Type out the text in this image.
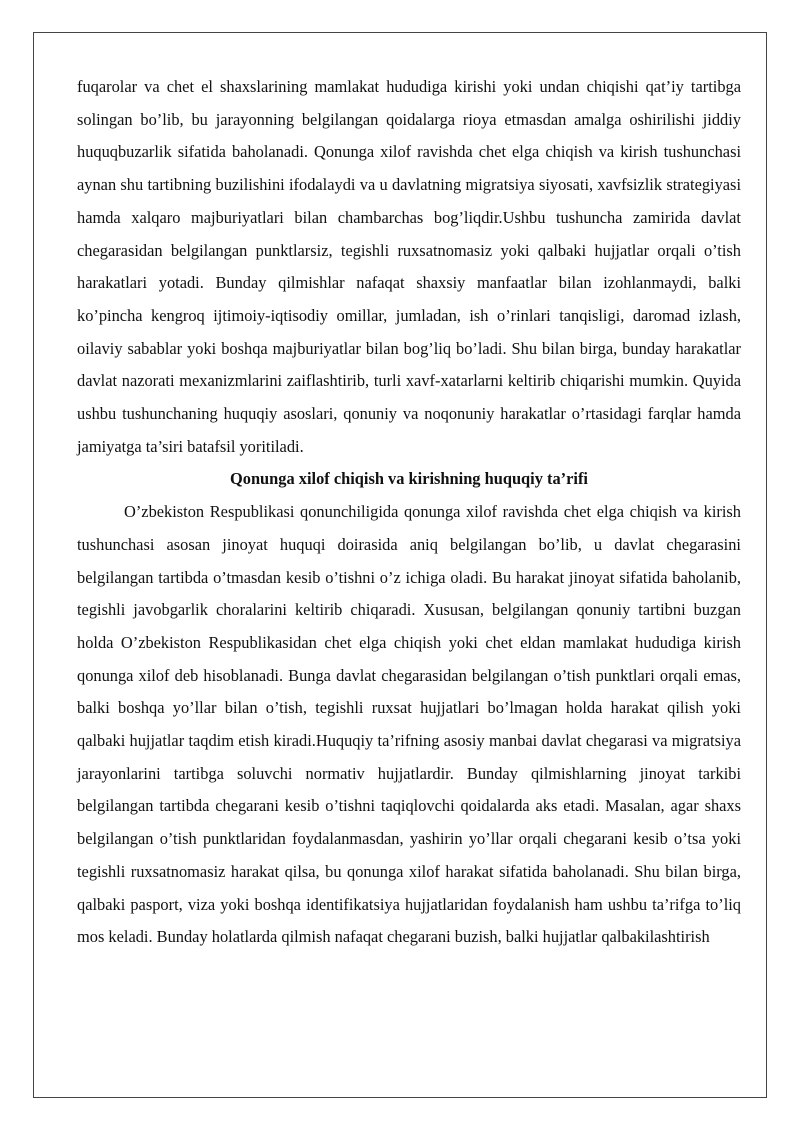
fuqarolar va chet el shaxslarining mamlakat hududiga kirishi yoki undan chiqishi qat’iy tartibga solingan bo’lib, bu jarayonning belgilangan qoidalarga rioya etmasdan amalga oshirilishi jiddiy huquqbuzarlik sifatida baholanadi. Qonunga xilof ravishda chet elga chiqish va kirish tushunchasi aynan shu tartibning buzilishini ifodalaydi va u davlatning migratsiya siyosati, xavfsizlik strategiyasi hamda xalqaro majburiyatlari bilan chambarchas bog’liqdir.Ushbu tushuncha zamirida davlat chegarasidan belgilangan punktlarsiz, tegishli ruxsatnomasiz yoki qalbaki hujjatlar orqali o’tish harakatlari yotadi. Bunday qilmishlar nafaqat shaxsiy manfaatlar bilan izohlanmaydi, balki ko’pincha kengroq ijtimoiy-iqtisodiy omillar, jumladan, ish o’rinlari tanqisligi, daromad izlash, oilaviy sabablar yoki boshqa majburiyatlar bilan bog’liq bo’ladi. Shu bilan birga, bunday harakatlar davlat nazorati mexanizmlarini zaiflashtirib, turli xavf-xatarlarni keltirib chiqarishi mumkin. Quyida ushbu tushunchaning huquqiy asoslari, qonuniy va noqonuniy harakatlar o’rtasidagi farqlar hamda jamiyatga ta’siri batafsil yoritiladi.

Qonunga xilof chiqish va kirishning huquqiy ta’rifi

O’zbekiston Respublikasi qonunchiligida qonunga xilof ravishda chet elga chiqish va kirish tushunchasi asosan jinoyat huquqi doirasida aniq belgilangan bo’lib, u davlat chegarasini belgilangan tartibda o’tmasdan kesib o’tishni o’z ichiga oladi. Bu harakat jinoyat sifatida baholanib, tegishli javobgarlik choralarini keltirib chiqaradi. Xususan, belgilangan qonuniy tartibni buzgan holda O’zbekiston Respublikasidan chet elga chiqish yoki chet eldan mamlakat hududiga kirish qonunga xilof deb hisoblanadi. Bunga davlat chegarasidan belgilangan o’tish punktlari orqali emas, balki boshqa yo’llar bilan o’tish, tegishli ruxsat hujjatlari bo’lmagan holda harakat qilish yoki qalbaki hujjatlar taqdim etish kiradi.Huquqiy ta’rifning asosiy manbai davlat chegarasi va migratsiya jarayonlarini tartibga soluvchi normativ hujjatlardir. Bunday qilmishlarning jinoyat tarkibi belgilangan tartibda chegarani kesib o’tishni taqiqlovchi qoidalarda aks etadi. Masalan, agar shaxs belgilangan o’tish punktlaridan foydalanmasdan, yashirin yo’llar orqali chegarani kesib o’tsa yoki tegishli ruxsatnomasiz harakat qilsa, bu qonunga xilof harakat sifatida baholanadi. Shu bilan birga, qalbaki pasport, viza yoki boshqa identifikatsiya hujjatlaridan foydalanish ham ushbu ta’rifga to’liq mos keladi. Bunday holatlarda qilmish nafaqat chegarani buzish, balki hujjatlar qalbakilashtirish
